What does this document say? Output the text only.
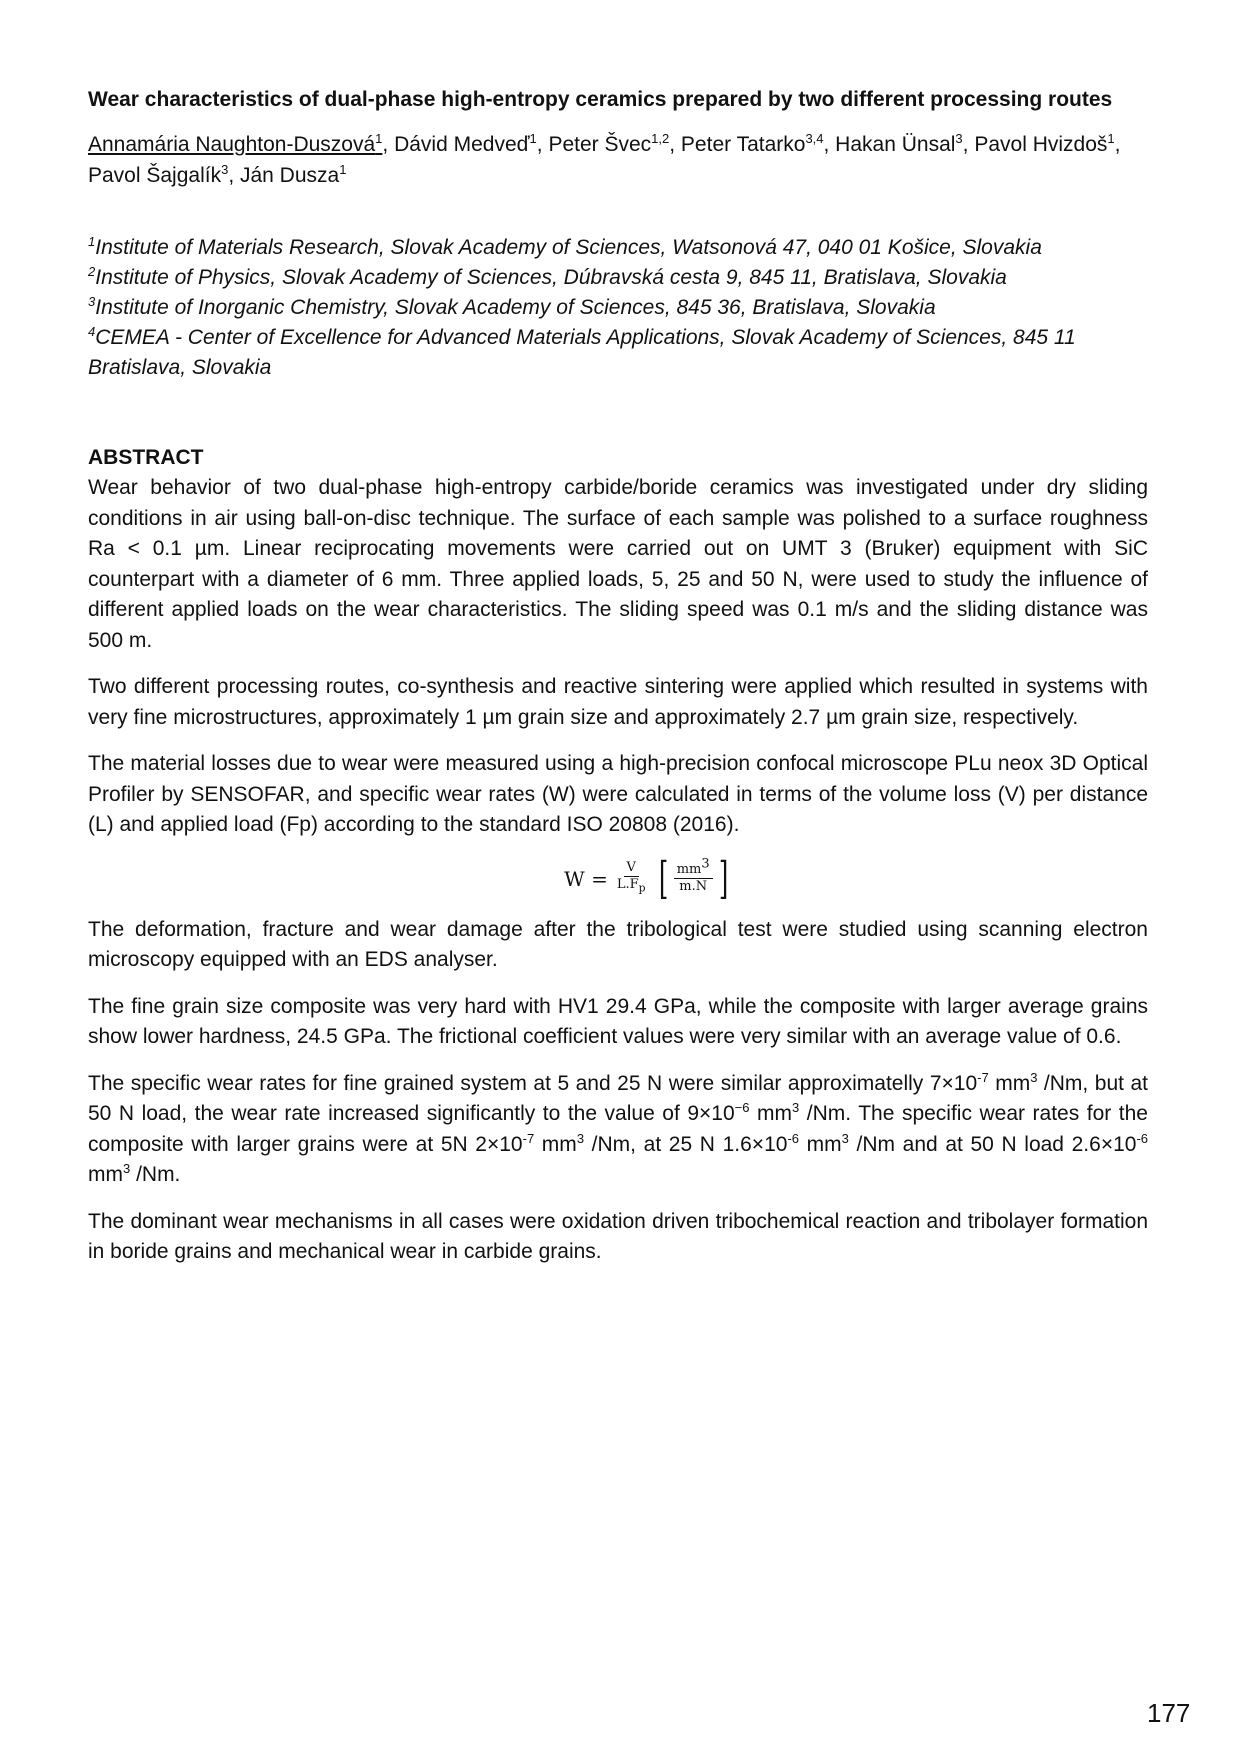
Wear characteristics of dual-phase high-entropy ceramics prepared by two different processing routes
Annamária Naughton-Duszová$^1$, Dávid Medveď$^1$, Peter Švec$^{1,2}$, Peter Tatarko$^{3,4}$, Hakan Ünsal$^3$, Pavol Hvizdoš$^1$, Pavol Šajgalík$^3$, Ján Dusza$^1$
$^1$Institute of Materials Research, Slovak Academy of Sciences, Watsonová 47, 040 01 Košice, Slovakia
$^2$Institute of Physics, Slovak Academy of Sciences, Dúbravská cesta 9, 845 11, Bratislava, Slovakia
$^3$Institute of Inorganic Chemistry, Slovak Academy of Sciences, 845 36, Bratislava, Slovakia
$^4$CEMEA - Center of Excellence for Advanced Materials Applications, Slovak Academy of Sciences, 845 11 Bratislava, Slovakia
ABSTRACT

Wear behavior of two dual-phase high-entropy carbide/boride ceramics was investigated under dry sliding conditions in air using ball-on-disc technique. The surface of each sample was polished to a surface roughness Ra < 0.1 µm. Linear reciprocating movements were carried out on UMT 3 (Bruker) equipment with SiC counterpart with a diameter of 6 mm. Three applied loads, 5, 25 and 50 N, were used to study the influence of different applied loads on the wear characteristics. The sliding speed was 0.1 m/s and the sliding distance was 500 m.

Two different processing routes, co-synthesis and reactive sintering were applied which resulted in systems with very fine microstructures, approximately 1 µm grain size and approximately 2.7 µm grain size, respectively.

The material losses due to wear were measured using a high-precision confocal microscope PLu neox 3D Optical Profiler by SENSOFAR, and specific wear rates (W) were calculated in terms of the volume loss (V) per distance (L) and applied load (Fp) according to the standard ISO 20808 (2016).

$W = \frac{V}{L.F_p}$ [ $\frac{mm^3}{m.N}$ ]

The deformation, fracture and wear damage after the tribological test were studied using scanning electron microscopy equipped with an EDS analyser.

The fine grain size composite was very hard with HV1 29.4 GPa, while the composite with larger average grains show lower hardness, 24.5 GPa. The frictional coefficient values were very similar with an average value of 0.6.

The specific wear rates for fine grained system at 5 and 25 N were similar approximatelly $7\times 10^{-7}$ $mm^3$ /Nm, but at 50 N load, the wear rate increased significantly to the value of $9\times 10^{-6}$ $mm^3$ /Nm. The specific wear rates for the composite with larger grains were at 5N $2\times 10^{-7}$ $mm^3$ /Nm, at 25 N $1.6\times 10^{-6}$ $mm^3$ /Nm and at 50 N load $2.6\times 10^{-6}$ $mm^3$ /Nm.

The dominant wear mechanisms in all cases were oxidation driven tribochemical reaction and tribolayer formation in boride grains and mechanical wear in carbide grains.

177
